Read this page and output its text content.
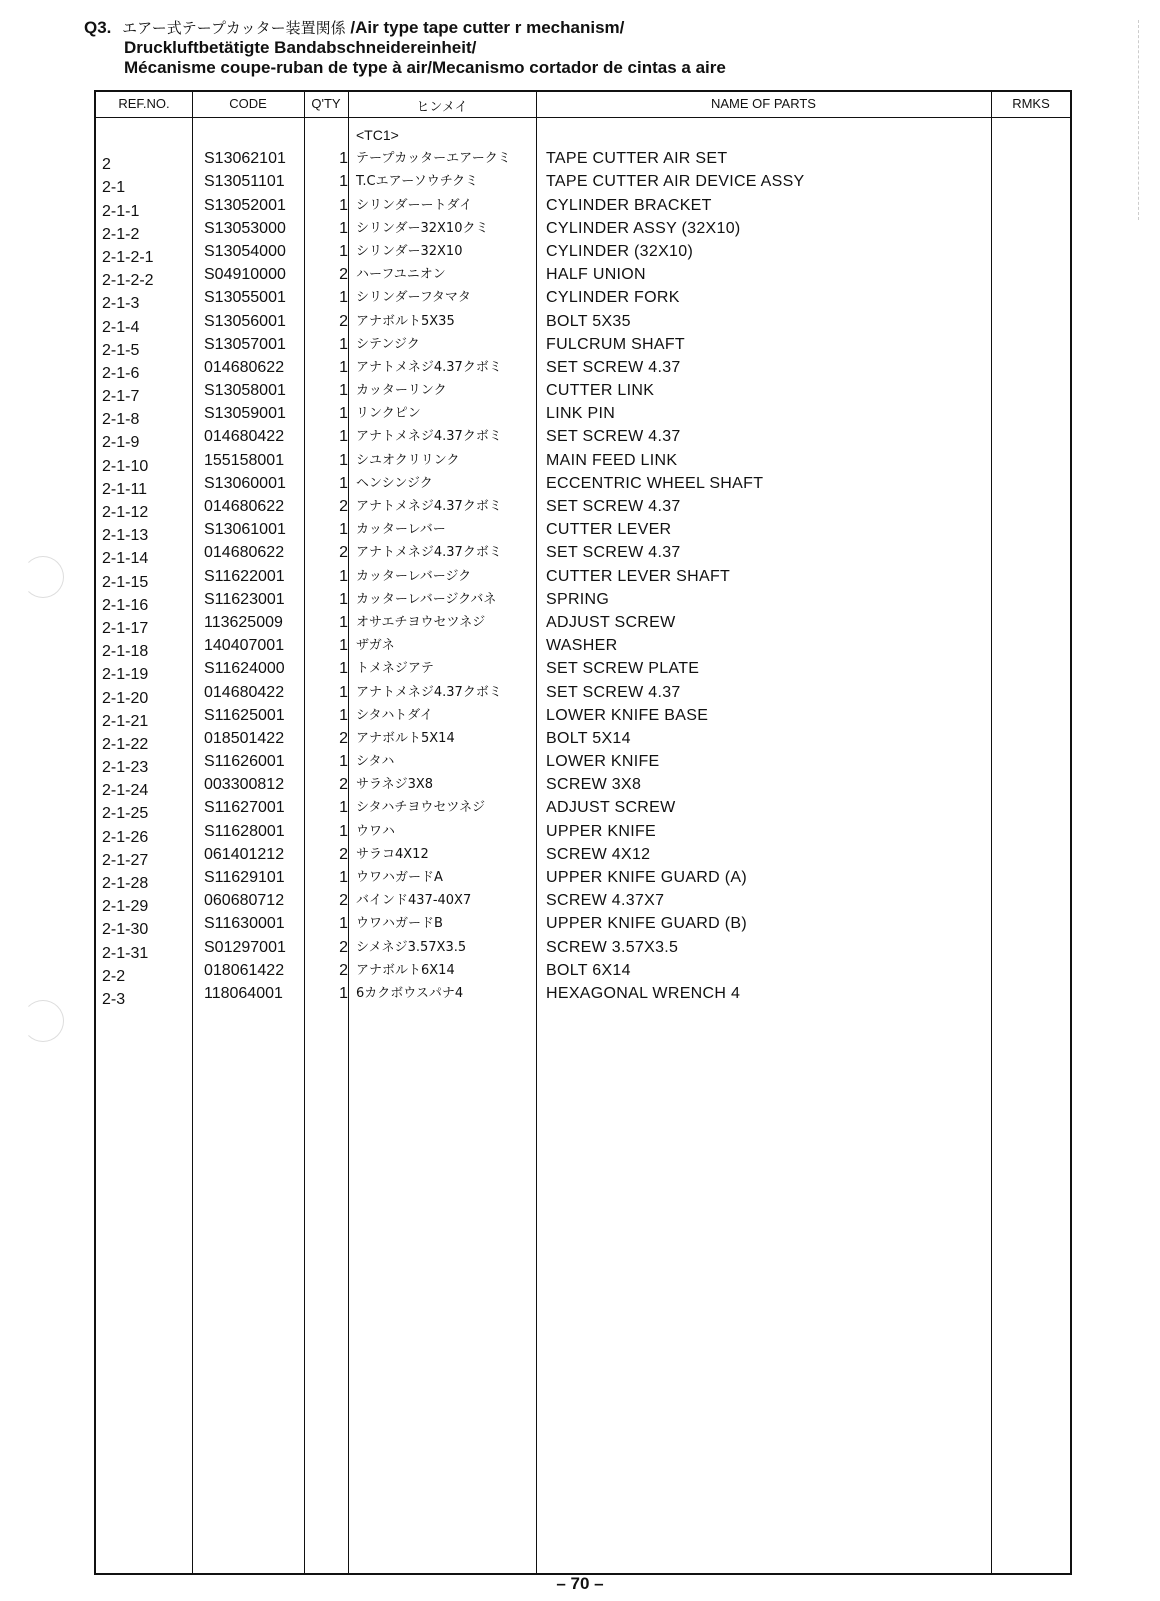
Q3. エアー式テープカッター装置関係 /Air type tape cutter r mechanism/
Druckluftbetätigte Bandabschneidereinheit/
Mécanisme coupe-ruban de type à air/Mecanismo cortador de cintas a aire
REF.NO.	CODE	Q'TY	ヒンメイ	NAME OF PARTS	RMKS
<TC1>
2	S13062101	1 テープカッターエアークミ TAPE CUTTER AIR SET
2-1	S13051101	1 T.Cエアーソウチクミ	TAPE CUTTER AIR DEVICE ASSY
2-1-1	S13052001	1 シリンダーートダイ	CYLINDER BRACKET
2-1-2	S13053000	1 シリンダー32X10クミ	CYLINDER ASSY (32X10)
2-1-2-1	S13054000	1 シリンダー32X10	CYLINDER (32X10)
2-1-2-2	S04910000	2 ハーフユニオン	HALF UNION
2-1-3	S13055001	1 シリンダーフタマタ	CYLINDER FORK
2-1-4	S13056001	2 アナボルト5X35	BOLT 5X35
2-1-5	S13057001	1 シテンジク	FULCRUM SHAFT
2-1-6	014680622	1 アナトメネジ4.37クボミ	SET SCREW 4.37
2-1-7	S13058001	1 カッターリンク	CUTTER LINK
2-1-8	S13059001	1 リンクピン	LINK PIN
2-1-9	014680422	1 アナトメネジ4.37クボミ	SET SCREW 4.37
2-1-10	155158001	1 シユオクリリンク	MAIN FEED LINK
2-1-11	S13060001	1 ヘンシンジク	ECCENTRIC WHEEL SHAFT
2-1-12	014680622	2 アナトメネジ4.37クボミ	SET SCREW 4.37
2-1-13	S13061001	1 カッターレバー	CUTTER LEVER
2-1-14	014680622	2 アナトメネジ4.37クボミ	SET SCREW 4.37
2-1-15	S11622001	1 カッターレバージク	CUTTER LEVER SHAFT
2-1-16	S11623001	1 カッターレバージクバネ	SPRING
2-1-17	113625009	1 オサエチヨウセツネジ	ADJUST SCREW
2-1-18	140407001	1 ザガネ	WASHER
2-1-19	S11624000	1 トメネジアテ	SET SCREW PLATE
2-1-20	014680422	1 アナトメネジ4.37クボミ	SET SCREW 4.37
2-1-21	S11625001	1 シタハトダイ	LOWER KNIFE BASE
2-1-22	018501422	2 アナボルト5X14	BOLT 5X14
2-1-23	S11626001	1 シタハ	LOWER KNIFE
2-1-24	003300812	2 サラネジ3X8	SCREW 3X8
2-1-25	S11627001	1 シタハチヨウセツネジ	ADJUST SCREW
2-1-26	S11628001	1 ウワハ	UPPER KNIFE
2-1-27	061401212	2 サラコ4X12	SCREW 4X12
2-1-28	S11629101	1 ウワハガードA	UPPER KNIFE GUARD (A)
2-1-29	060680712	2 バインド437-40X7	SCREW 4.37X7
2-1-30	S11630001	1 ウワハガードB	UPPER KNIFE GUARD (B)
2-1-31	S01297001	2 シメネジ3.57X3.5	SCREW 3.57X3.5
2-2	018061422	2 アナボルト6X14	BOLT 6X14
2-3	118064001	1 6カクボウスパナ4	HEXAGONAL WRENCH 4
– 70 –
